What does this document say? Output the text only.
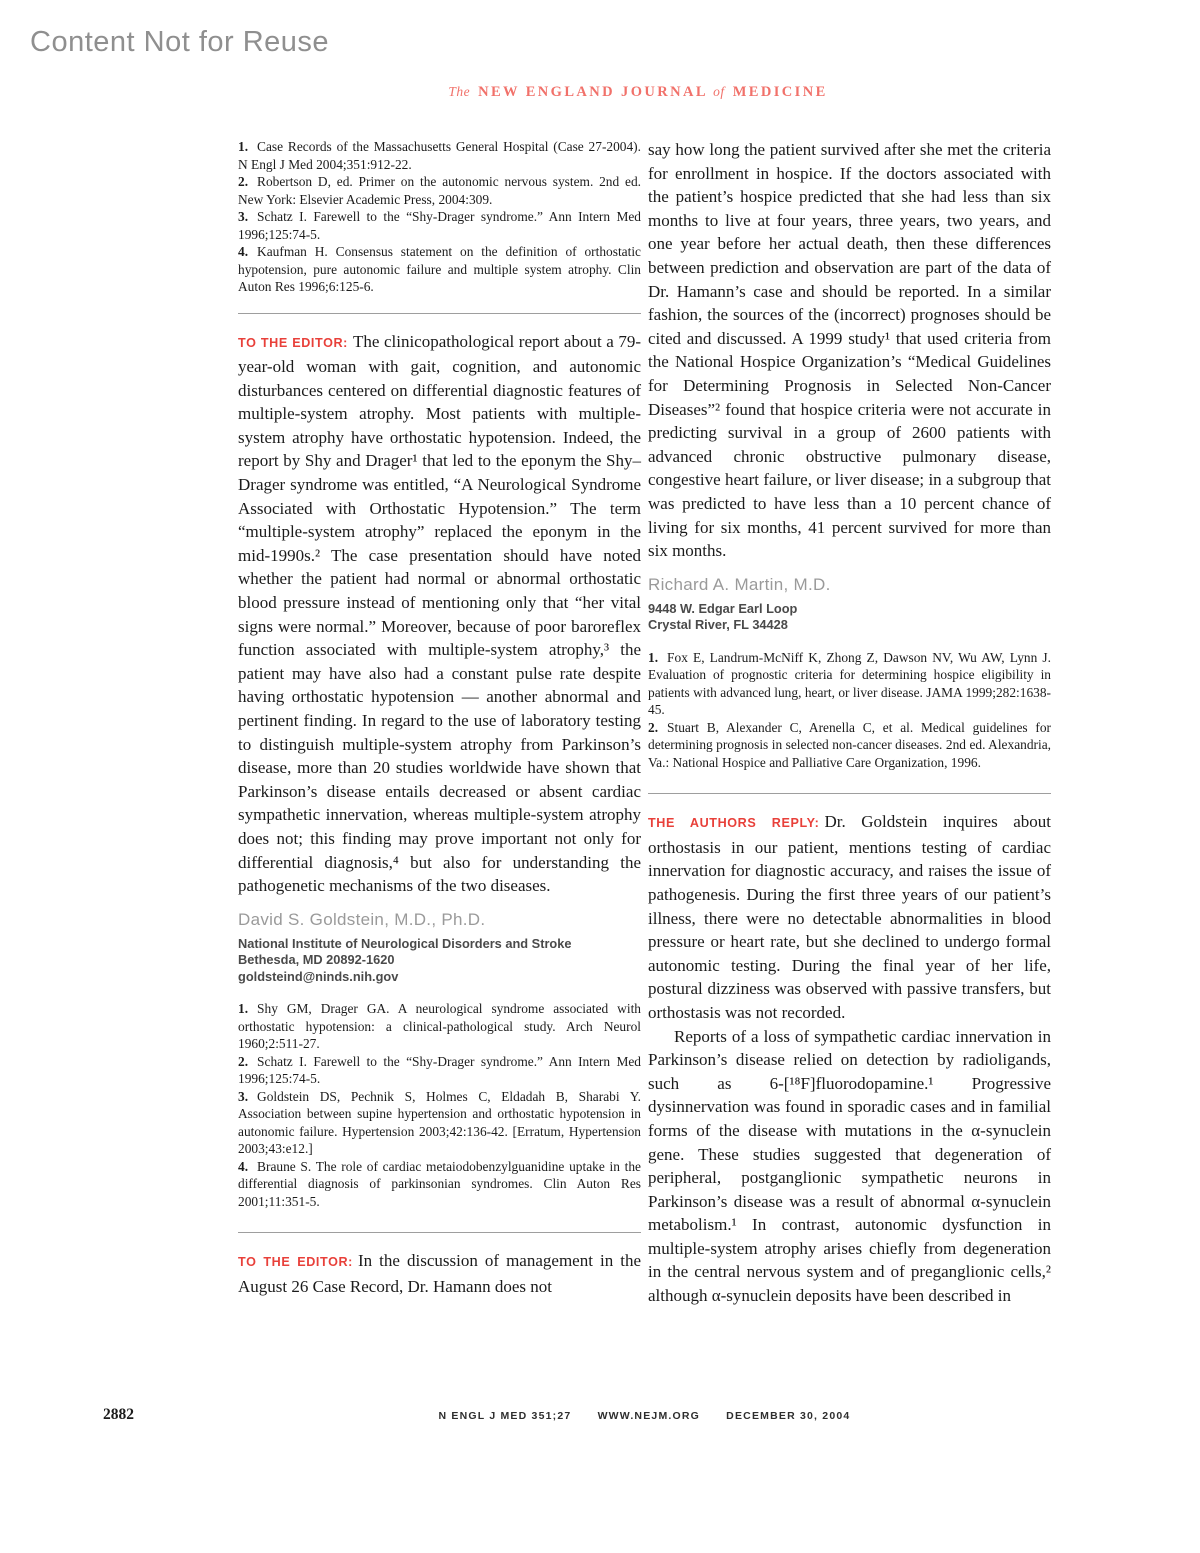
Content Not for Reuse
The NEW ENGLAND JOURNAL of MEDICINE

1. Case Records of the Massachusetts General Hospital (Case 27-2004). N Engl J Med 2004;351:912-22.

2. Robertson D, ed. Primer on the autonomic nervous system. 2nd ed. New York: Elsevier Academic Press, 2004:309.

3. Schatz I. Farewell to the “Shy-Drager syndrome.” Ann Intern Med 1996;125:74-5.

4. Kaufman H. Consensus statement on the definition of orthostatic hypotension, pure autonomic failure and multiple system atrophy. Clin Auton Res 1996;6:125-6.

TO THE EDITOR: The clinicopathological report about a 79-year-old woman with gait, cognition, and autonomic disturbances centered on differential diagnostic features of multiple-system atrophy. Most patients with multiple-system atrophy have orthostatic hypotension. Indeed, the report by Shy and Drager¹ that led to the eponym the Shy–Drager syndrome was entitled, “A Neurological Syndrome Associated with Orthostatic Hypotension.” The term “multiple-system atrophy” replaced the eponym in the mid-1990s.² The case presentation should have noted whether the patient had normal or abnormal orthostatic blood pressure instead of mentioning only that “her vital signs were normal.” Moreover, because of poor baroreflex function associated with multiple-system atrophy,³ the patient may have also had a constant pulse rate despite having orthostatic hypotension — another abnormal and pertinent finding. In regard to the use of laboratory testing to distinguish multiple-system atrophy from Parkinson’s disease, more than 20 studies worldwide have shown that Parkinson’s disease entails decreased or absent cardiac sympathetic innervation, whereas multiple-system atrophy does not; this finding may prove important not only for differential diagnosis,⁴ but also for understanding the pathogenetic mechanisms of the two diseases.

David S. Goldstein, M.D., Ph.D.
National Institute of Neurological Disorders and Stroke
Bethesda, MD 20892-1620
goldsteind@ninds.nih.gov

1. Shy GM, Drager GA. A neurological syndrome associated with orthostatic hypotension: a clinical-pathological study. Arch Neurol 1960;2:511-27.

2. Schatz I. Farewell to the “Shy-Drager syndrome.” Ann Intern Med 1996;125:74-5.

3. Goldstein DS, Pechnik S, Holmes C, Eldadah B, Sharabi Y. Association between supine hypertension and orthostatic hypotension in autonomic failure. Hypertension 2003;42:136-42. [Erratum, Hypertension 2003;43:e12.]

4. Braune S. The role of cardiac metaiodobenzylguanidine uptake in the differential diagnosis of parkinsonian syndromes. Clin Auton Res 2001;11:351-5.

TO THE EDITOR: In the discussion of management in the August 26 Case Record, Dr. Hamann does not

say how long the patient survived after she met the criteria for enrollment in hospice. If the doctors associated with the patient’s hospice predicted that she had less than six months to live at four years, three years, two years, and one year before her actual death, then these differences between prediction and observation are part of the data of Dr. Hamann’s case and should be reported. In a similar fashion, the sources of the (incorrect) prognoses should be cited and discussed. A 1999 study¹ that used criteria from the National Hospice Organization’s “Medical Guidelines for Determining Prognosis in Selected Non-Cancer Diseases”² found that hospice criteria were not accurate in predicting survival in a group of 2600 patients with advanced chronic obstructive pulmonary disease, congestive heart failure, or liver disease; in a subgroup that was predicted to have less than a 10 percent chance of living for six months, 41 percent survived for more than six months.

Richard A. Martin, M.D.
9448 W. Edgar Earl Loop
Crystal River, FL 34428

1. Fox E, Landrum-McNiff K, Zhong Z, Dawson NV, Wu AW, Lynn J. Evaluation of prognostic criteria for determining hospice eligibility in patients with advanced lung, heart, or liver disease. JAMA 1999;282:1638-45.

2. Stuart B, Alexander C, Arenella C, et al. Medical guidelines for determining prognosis in selected non-cancer diseases. 2nd ed. Alexandria, Va.: National Hospice and Palliative Care Organization, 1996.

THE AUTHORS REPLY: Dr. Goldstein inquires about orthostasis in our patient, mentions testing of cardiac innervation for diagnostic accuracy, and raises the issue of pathogenesis. During the first three years of our patient’s illness, there were no detectable abnormalities in blood pressure or heart rate, but she declined to undergo formal autonomic testing. During the final year of her life, postural dizziness was observed with passive transfers, but orthostasis was not recorded.

Reports of a loss of sympathetic cardiac innervation in Parkinson’s disease relied on detection by radioligands, such as 6-[¹⁸F]fluorodopamine.¹ Progressive dysinnervation was found in sporadic cases and in familial forms of the disease with mutations in the α-synuclein gene. These studies suggested that degeneration of peripheral, postganglionic sympathetic neurons in Parkinson’s disease was a result of abnormal α-synuclein metabolism.¹ In contrast, autonomic dysfunction in multiple-system atrophy arises chiefly from degeneration in the central nervous system and of preganglionic cells,² although α-synuclein deposits have been described in

2882	N ENGL J MED 351;27 WWW.NEJM.ORG DECEMBER 30, 2004
